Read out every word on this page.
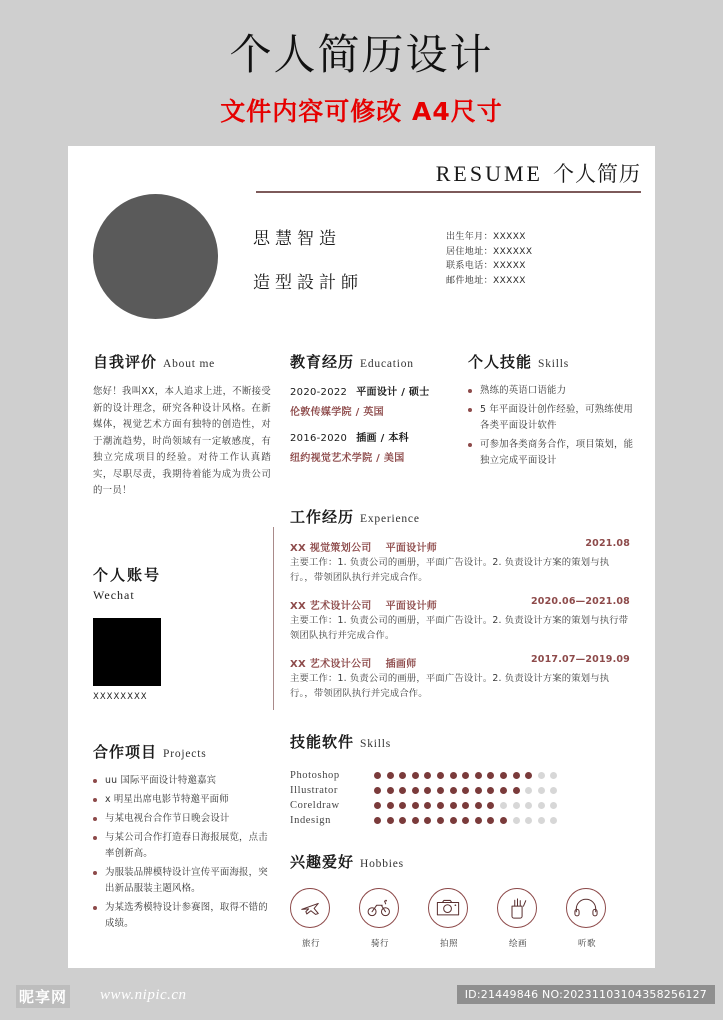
个人简历设计
文件内容可修改 A4尺寸
RESUME 个人简历
思慧智造
造型設計師
出生年月：XXXXX
居住地址：XXXXXX
联系电话：XXXXX
邮件地址：XXXXX
自我评价 About me
您好！我叫XX，本人追求上进，不断接受新的设计理念，研究各种设计风格。在新媒体，视觉艺术方面有独特的创造性，对于潮流趋势，时尚领域有一定敏感度，有独立完成项目的经验。对待工作认真踏实，尽职尽责，我期待着能为成为贵公司的一员！
个人账号
Wechat
XXXXXXXX
教育经历 Education
2020-2022 平面设计 / 硕士
伦敦传媒学院 / 英国
2016-2020 插画 / 本科
纽约视觉艺术学院 / 美国
工作经历 Experience
XX 视觉策划公司 平面设计师	2021.08
主要工作：1. 负责公司的画册，平面广告设计。2. 负责设计方案的策划与执行。，带领团队执行并完成合作。
XX 艺术设计公司 平面设计师	2020.06—2021.08
主要工作：1. 负责公司的画册，平面广告设计。2. 负责设计方案的策划与执行带领团队执行并完成合作。
XX 艺术设计公司 插画师	2017.07—2019.09
主要工作：1. 负责公司的画册，平面广告设计。2. 负责设计方案的策划与执行。，带领团队执行并完成合作。
个人技能 Skills
熟练的英语口语能力
5 年平面设计创作经验，可熟练使用各类平面设计软件
可参加各类商务合作，项目策划，能独立完成平面设计
合作项目 Projects
uu 国际平面设计特邀嘉宾
x 明星出席电影节特邀平面师
与某电视台合作节日晚会设计
与某公司合作打造春日海报展览，点击率创新高。
为服装品牌模特设计宣传平面海报，突出新品服装主题风格。
为某选秀模特设计参赛图，取得不错的成绩。
技能软件 Skills
Photoshop
Illustrator
Coreldraw
Indesign
兴趣爱好 Hobbies
旅行	骑行	拍照	绘画	听歌
昵享网 www.nipic.cn	ID:21449846 NO:20231103104358256127
